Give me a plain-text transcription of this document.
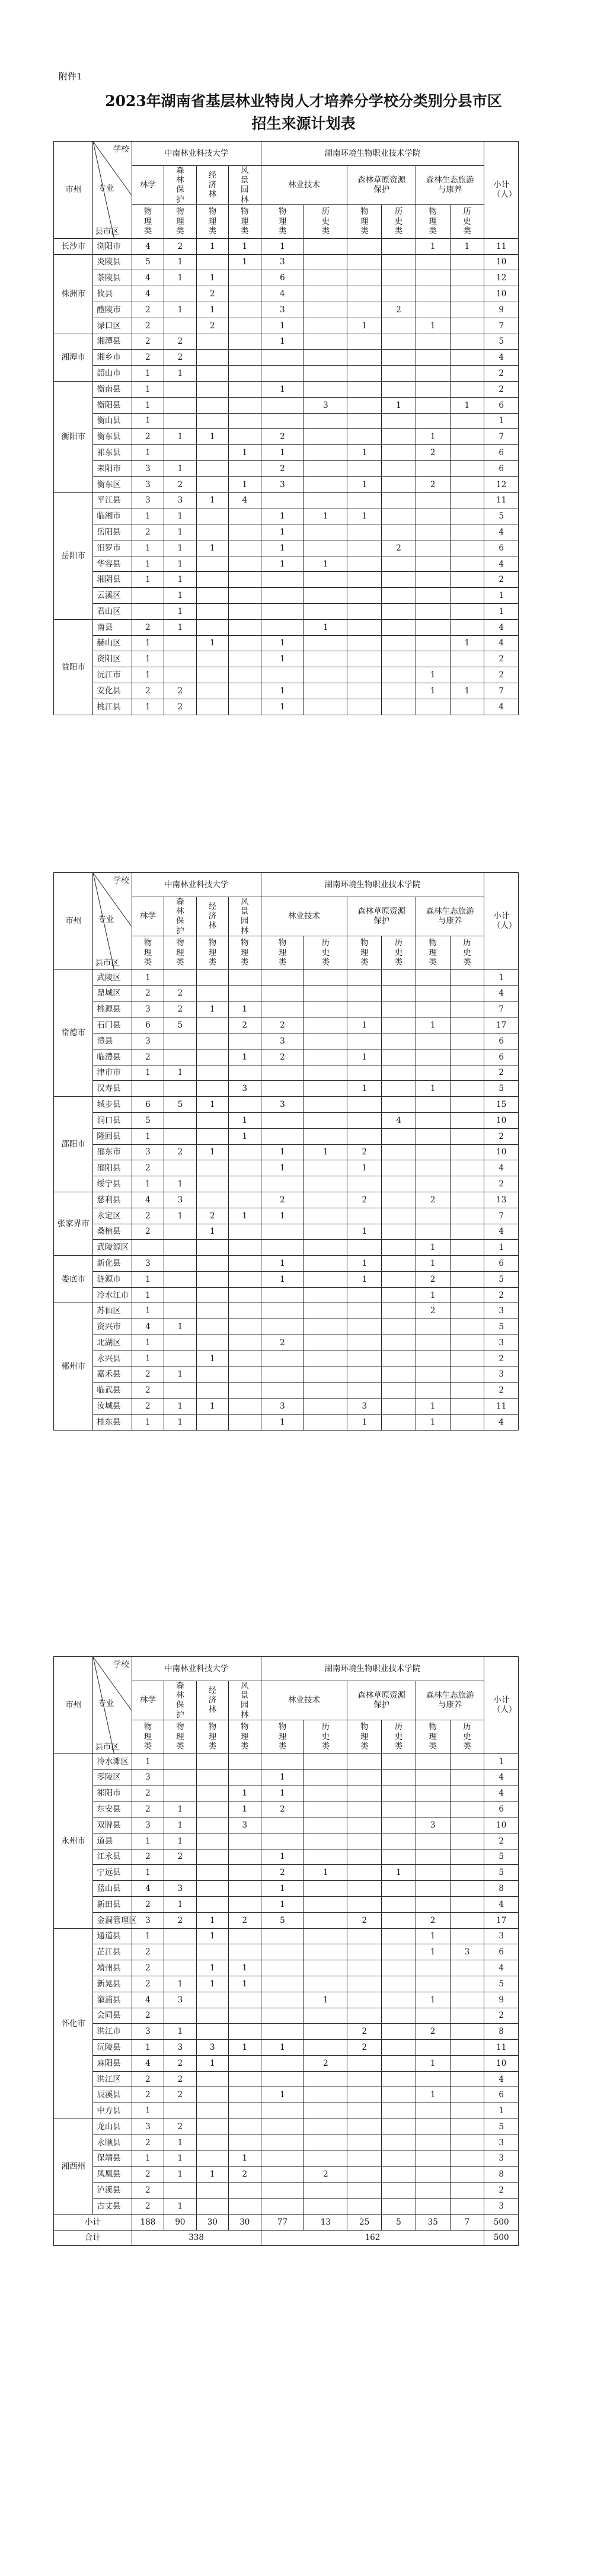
附件1
2023年湖南省基层林业特岗人才培养分学校分类别分县市区
招生来源计划表
市州	学校
专业
县市区	中南林业科技大学				湖南环境生物职业技术学院						小计（人）
		林学	森林保护	经济林	风景园林	林业技术		森林草原资源保护		森林生态旅游与康养		
		物理类	物理类	物理类	物理类	物理类	历史类	物理类	历史类	物理类	历史类	
长沙市	浏阳市	4	2	1	1	1				1	1	11
株洲市	炎陵县	5	1		1	3						10
	茶陵县	4	1	1		6						12
	攸县	4		2		4						10
	醴陵市	2	1	1		3			2			9
	渌口区	2		2		1		1		1		7
湘潭市	湘潭县	2	2			1						5
	湘乡市	2	2									4
	韶山市	1	1									2
衡阳市	衡南县	1				1						2
	衡阳县	1					3		1		1	6
	衡山县	1										1
	衡东县	2	1	1		2				1		7
	祁东县	1			1	1		1		2		6
	耒阳市	3	1			2						6
	衡东区	3	2		1	3		1		2		12
岳阳市	平江县	3	3	1	4							11
	临湘市	1	1			1	1	1				5
	岳阳县	2	1			1						4
	汨罗市	1	1	1		1			2			6
	华容县	1	1			1	1					4
	湘阴县	1	1									2
	云溪区		1									1
	君山区		1									1
益阳市	南县	2	1				1					4
	赫山区	1		1		1					1	4
	资阳区	1				1						2
	沅江市	1								1		2
	安化县	2	2			1				1	1	7
	桃江县	1	2			1						4
市州	学校
专业
县市区	中南林业科技大学				湖南环境生物职业技术学院						小计（人）
		林学	森林保护	经济林	风景园林	林业技术		森林草原资源保护		森林生态旅游与康养		
		物理类	物理类	物理类	物理类	物理类	历史类	物理类	历史类	物理类	历史类	
常德市	武陵区	1										1
	鼎城区	2	2									4
	桃源县	3	2	1	1							7
	石门县	6	5		2	2		1		1		17
	澧县	3				3						6
	临澧县	2			1	2		1				6
	津市市	1	1									2
	汉寿县				3			1		1		5
邵阳市	城步县	6	5	1		3						15
	洞口县	5			1				4			10
	隆回县	1			1							2
	邵东市	3	2	1		1	1	2				10
	邵阳县	2				1		1				4
	绥宁县	1	1									2
张家界市	慈利县	4	3			2		2		2		13
	永定区	2	1	2	1	1						7
	桑植县	2		1				1				4
	武陵源区									1		1
娄底市	新化县	3				1		1		1		6
	涟源市	1				1		1		2		5
	冷水江市	1								1		2
郴州市	苏仙区	1								2		3
	资兴市	4	1									5
	北湖区	1				2						3
	永兴县	1		1								2
	嘉禾县	2	1									3
	临武县	2										2
	汝城县	2	1	1		3		3		1		11
	桂东县	1	1			1		1		1		4
市州	学校
专业
县市区	中南林业科技大学				湖南环境生物职业技术学院						小计（人）
		林学	森林保护	经济林	风景园林	林业技术		森林草原资源保护		森林生态旅游与康养		
		物理类	物理类	物理类	物理类	物理类	历史类	物理类	历史类	物理类	历史类	
永州市	冷水滩区	1										1
	零陵区	3				1						4
	祁阳市	2			1	1						4
	东安县	2	1		1	2						6
	双牌县	3	1		3					3		10
	道县	1	1									2
	江永县	2	2			1						5
	宁远县	1				2	1		1			5
	蓝山县	4	3			1						8
	新田县	2	1			1						4
	金洞管理区	3	2	1	2	5		2		2		17
怀化市	通道县	1		1						1		3
	芷江县	2								1	3	6
	靖州县	2		1	1							4
	新晃县	2	1	1	1							5
	溆浦县	4	3				1			1		9
	会同县	2										2
	洪江市	3	1					2		2		8
	沅陵县	1	3	3	1	1		2				11
	麻阳县	4	2	1			2			1		10
	洪江区	2	2									4
	辰溪县	2	2			1				1		6
	中方县	1										1
湘西州	龙山县	3	2									5
	永顺县	2	1									3
	保靖县	1	1		1							3
	凤凰县	2	1	1	2		2					8
	泸溪县	2										2
	古丈县	2	1									3
小计		188	90	30	30	77	13	25	5	35	7	500
合计		338				162						500
